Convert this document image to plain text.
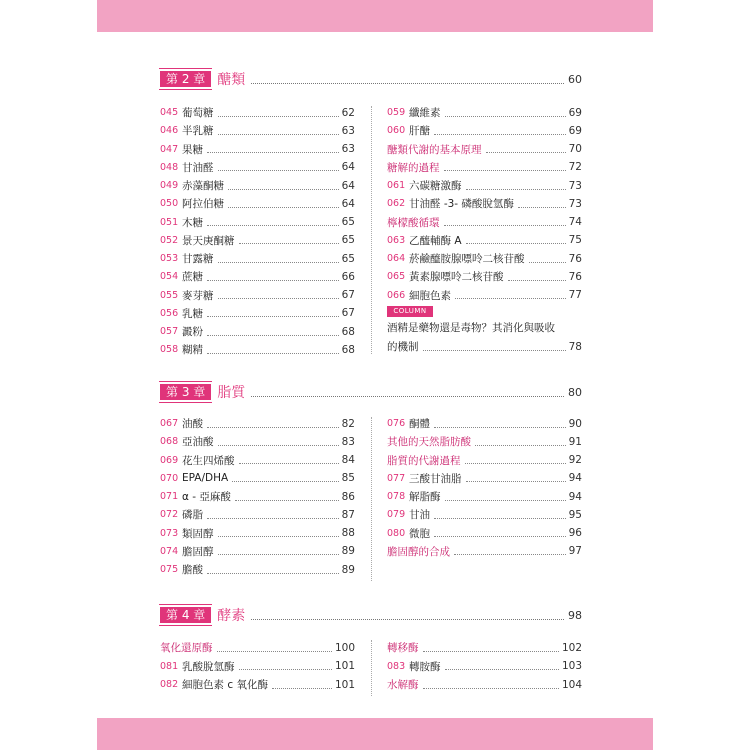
第 2 章 醣類	60
045 葡萄糖	62
046 半乳糖	63
047 果糖	63
048 甘油醛	64
049 赤藻酮糖	64
050 阿拉伯糖	64
051 木糖	65
052 景天庚酮糖	65
053 甘露糖	65
054 蔗糖	66
055 麥芽糖	67
056 乳糖	67
057 澱粉	68
058 糊精	68
059 纖維素	69
060 肝醣	69
醣類代謝的基本原理	70
糖解的過程	72
061 六碳糖激酶	73
062 甘油醛 -3- 磷酸脫氫酶	73
檸檬酸循環	74
063 乙醯輔酶 A	75
064 菸鹼醯胺腺嘌呤二核苷酸	76
065 黃素腺嘌呤二核苷酸	76
066 細胞色素	77
COLUMN
酒精是藥物還是毒物？其消化與吸收
的機制	78
第 3 章 脂質	80
067 油酸	82
068 亞油酸	83
069 花生四烯酸	84
070 EPA/DHA	85
071 α - 亞麻酸	86
072 磷脂	87
073 類固醇	88
074 膽固醇	89
075 膽酸	89
076 酮體	90
其他的天然脂肪酸	91
脂質的代謝過程	92
077 三酸甘油脂	94
078 解脂酶	94
079 甘油	95
080 微胞	96
膽固醇的合成	97
第 4 章 酵素	98
氧化還原酶	100
081 乳酸脫氫酶	101
082 細胞色素 c 氧化酶	101
轉移酶	102
083 轉胺酶	103
水解酶	104
